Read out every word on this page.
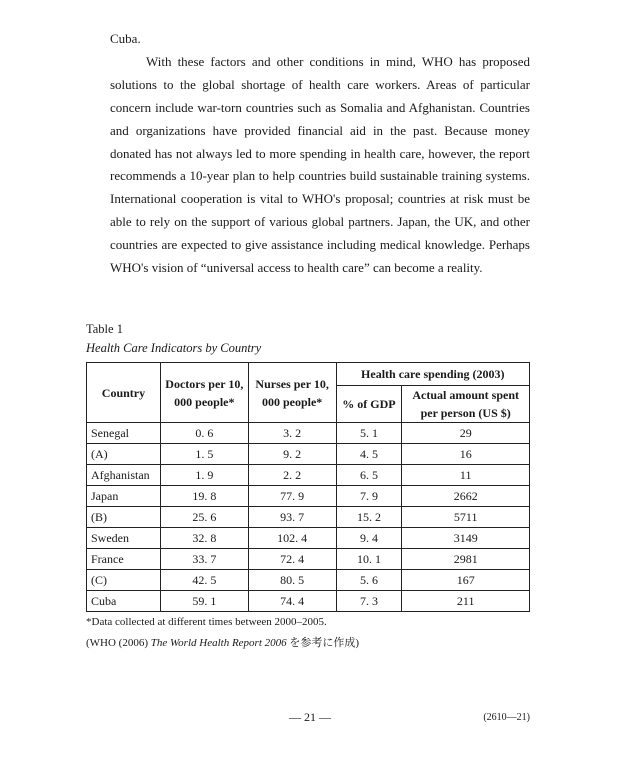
Cuba.

With these factors and other conditions in mind, WHO has proposed solutions to the global shortage of health care workers. Areas of particular concern include war-torn countries such as Somalia and Afghanistan. Countries and organizations have provided financial aid in the past. Because money donated has not always led to more spending in health care, however, the report recommends a 10-year plan to help countries build sustainable training systems. International cooperation is vital to WHO's proposal; countries at risk must be able to rely on the support of various global partners. Japan, the UK, and other countries are expected to give assistance including medical knowledge. Perhaps WHO's vision of “universal access to health care” can become a reality.

Table 1
Health Care Indicators by Country
Country	Doctors per 10, 000 people*	Nurses per 10, 000 people*	Health care spending (2003)	
			% of GDP	Actual amount spent per person (US $)
Senegal	0. 6	3. 2	5. 1	29
(A)	1. 5	9. 2	4. 5	16
Afghanistan	1. 9	2. 2	6. 5	11
Japan	19. 8	77. 9	7. 9	2662
(B)	25. 6	93. 7	15. 2	5711
Sweden	32. 8	102. 4	9. 4	3149
France	33. 7	72. 4	10. 1	2981
(C)	42. 5	80. 5	5. 6	167
Cuba	59. 1	74. 4	7. 3	211
*Data collected at different times between 2000–2005.
(WHO (2006) The World Health Report 2006 を参考に作成)
— 21 —	(2610—21)
